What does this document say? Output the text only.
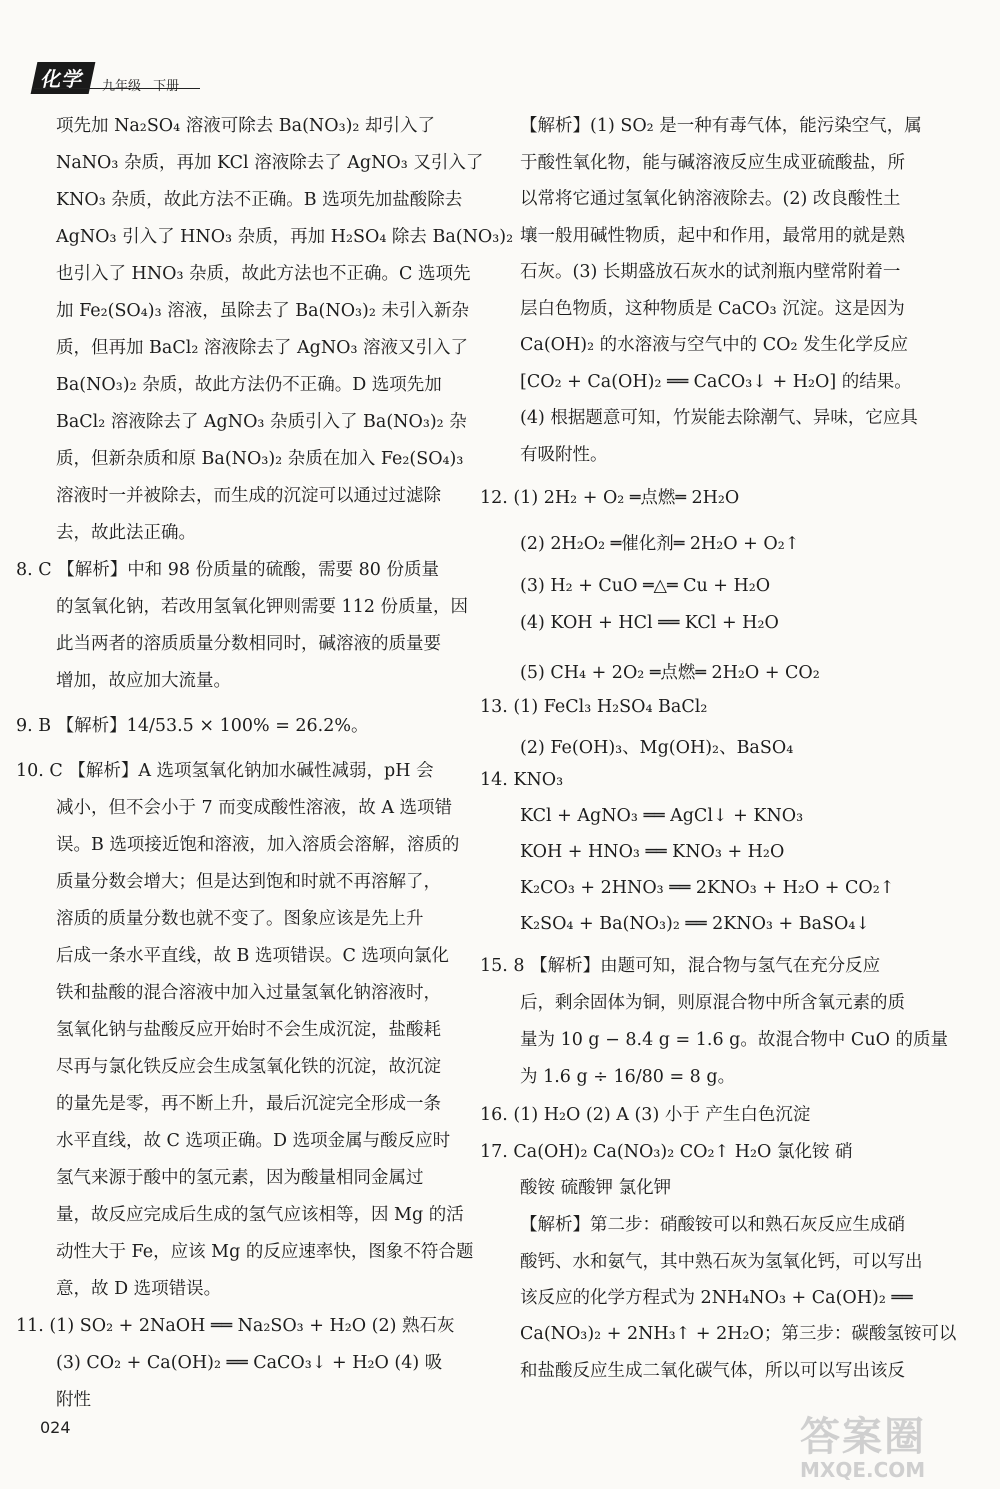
化学	九年级 下册
项先加 Na₂SO₄ 溶液可除去 Ba(NO₃)₂ 却引入了
NaNO₃ 杂质，再加 KCl 溶液除去了 AgNO₃ 又引入了
KNO₃ 杂质，故此方法不正确。B 选项先加盐酸除去
AgNO₃ 引入了 HNO₃ 杂质，再加 H₂SO₄ 除去 Ba(NO₃)₂
也引入了 HNO₃ 杂质，故此方法也不正确。C 选项先
加 Fe₂(SO₄)₃ 溶液，虽除去了 Ba(NO₃)₂ 未引入新杂
质，但再加 BaCl₂ 溶液除去了 AgNO₃ 溶液又引入了
Ba(NO₃)₂ 杂质，故此方法仍不正确。D 选项先加
BaCl₂ 溶液除去了 AgNO₃ 杂质引入了 Ba(NO₃)₂ 杂
质，但新杂质和原 Ba(NO₃)₂ 杂质在加入 Fe₂(SO₄)₃
溶液时一并被除去，而生成的沉淀可以通过过滤除
去，故此法正确。
8. C 【解析】中和 98 份质量的硫酸，需要 80 份质量
的氢氧化钠，若改用氢氧化钾则需要 112 份质量，因
此当两者的溶质质量分数相同时，碱溶液的质量要
增加，故应加大流量。
9. B 【解析】14/53.5 × 100% = 26.2%。
10. C 【解析】A 选项氢氧化钠加水碱性减弱，pH 会
减小，但不会小于 7 而变成酸性溶液，故 A 选项错
误。B 选项接近饱和溶液，加入溶质会溶解，溶质的
质量分数会增大；但是达到饱和时就不再溶解了，
溶质的质量分数也就不变了。图象应该是先上升
后成一条水平直线，故 B 选项错误。C 选项向氯化
铁和盐酸的混合溶液中加入过量氢氧化钠溶液时，
氢氧化钠与盐酸反应开始时不会生成沉淀，盐酸耗
尽再与氯化铁反应会生成氢氧化铁的沉淀，故沉淀
的量先是零，再不断上升，最后沉淀完全形成一条
水平直线，故 C 选项正确。D 选项金属与酸反应时
氢气来源于酸中的氢元素，因为酸量相同金属过
量，故反应完成后生成的氢气应该相等，因 Mg 的活
动性大于 Fe，应该 Mg 的反应速率快，图象不符合题
意，故 D 选项错误。
11. (1) SO₂ + 2NaOH ══ Na₂SO₃ + H₂O (2) 熟石灰
(3) CO₂ + Ca(OH)₂ ══ CaCO₃↓ + H₂O (4) 吸
附性
【解析】(1) SO₂ 是一种有毒气体，能污染空气，属
于酸性氧化物，能与碱溶液反应生成亚硫酸盐，所
以常将它通过氢氧化钠溶液除去。(2) 改良酸性土
壤一般用碱性物质，起中和作用，最常用的就是熟
石灰。(3) 长期盛放石灰水的试剂瓶内壁常附着一
层白色物质，这种物质是 CaCO₃ 沉淀。这是因为
Ca(OH)₂ 的水溶液与空气中的 CO₂ 发生化学反应
[CO₂ + Ca(OH)₂ ══ CaCO₃↓ + H₂O] 的结果。
(4) 根据题意可知，竹炭能去除潮气、异味，它应具
有吸附性。
12. (1) 2H₂ + O₂ ═点燃═ 2H₂O
(2) 2H₂O₂ ═催化剂═ 2H₂O + O₂↑
(3) H₂ + CuO ═△═ Cu + H₂O
(4) KOH + HCl ══ KCl + H₂O
(5) CH₄ + 2O₂ ═点燃═ 2H₂O + CO₂
13. (1) FeCl₃ H₂SO₄ BaCl₂
(2) Fe(OH)₃、Mg(OH)₂、BaSO₄
14. KNO₃
KCl + AgNO₃ ══ AgCl↓ + KNO₃
KOH + HNO₃ ══ KNO₃ + H₂O
K₂CO₃ + 2HNO₃ ══ 2KNO₃ + H₂O + CO₂↑
K₂SO₄ + Ba(NO₃)₂ ══ 2KNO₃ + BaSO₄↓
15. 8 【解析】由题可知，混合物与氢气在充分反应
后，剩余固体为铜，则原混合物中所含氧元素的质
量为 10 g − 8.4 g = 1.6 g。故混合物中 CuO 的质量
为 1.6 g ÷ 16/80 = 8 g。
16. (1) H₂O (2) A (3) 小于 产生白色沉淀
17. Ca(OH)₂ Ca(NO₃)₂ CO₂↑ H₂O 氯化铵 硝
酸铵 硫酸钾 氯化钾
【解析】第二步：硝酸铵可以和熟石灰反应生成硝
酸钙、水和氨气，其中熟石灰为氢氧化钙，可以写出
该反应的化学方程式为 2NH₄NO₃ + Ca(OH)₂ ══
Ca(NO₃)₂ + 2NH₃↑ + 2H₂O；第三步：碳酸氢铵可以
和盐酸反应生成二氧化碳气体，所以可以写出该反
024	答案圈
MXQE.COM
